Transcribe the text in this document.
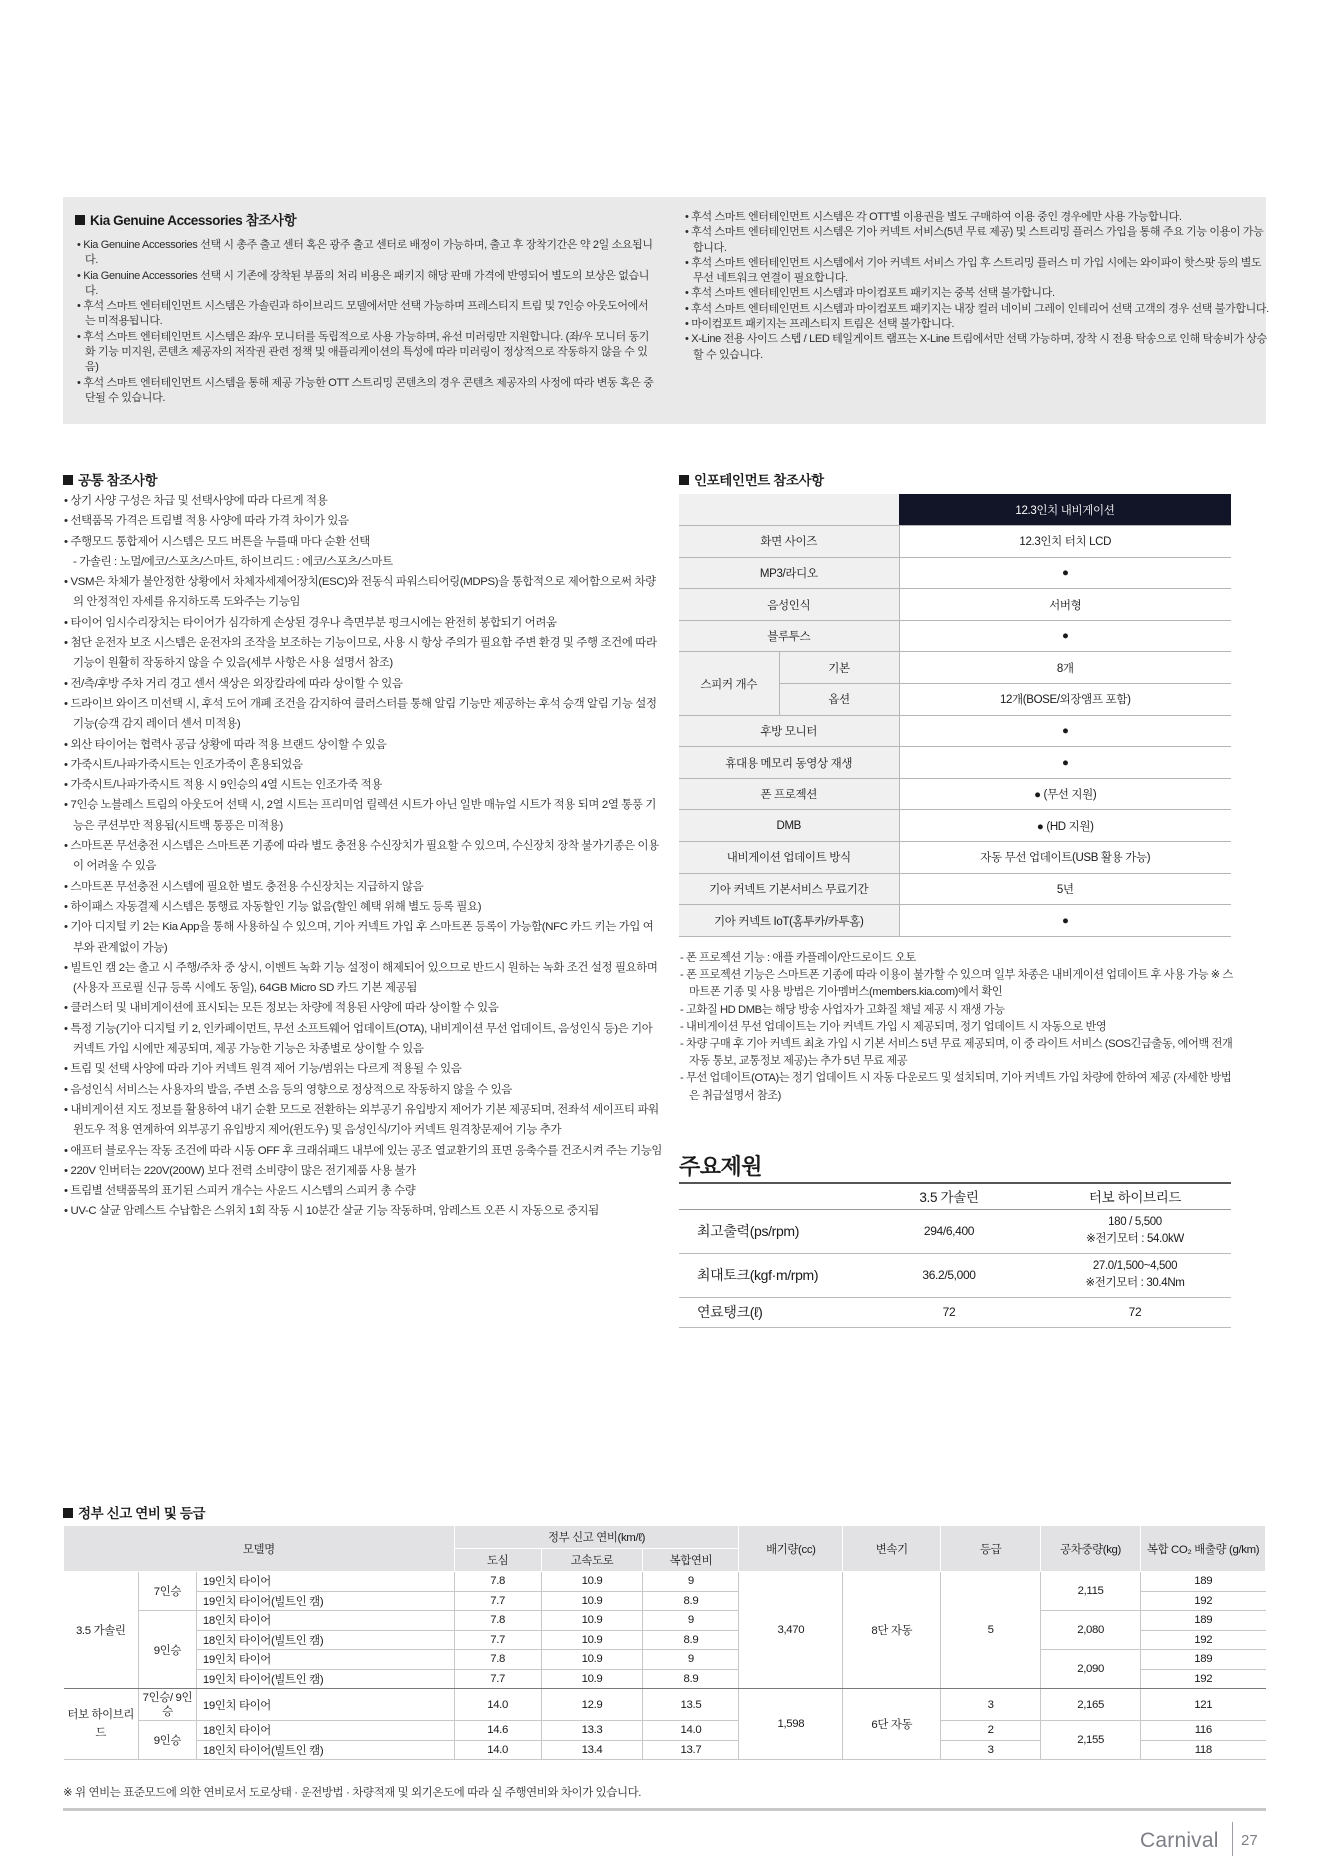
Kia Genuine Accessories 참조사항
• Kia Genuine Accessories 선택 시 총주 출고 센터 혹은 광주 출고 센터로 배정이 가능하며, 출고 후 장착기간은 약 2일 소요됩니다.
• Kia Genuine Accessories 선택 시 기존에 장착된 부품의 처리 비용은 패키지 해당 판매 가격에 반영되어 별도의 보상은 없습니다.
• 후석 스마트 엔터테인먼트 시스템은 가솔린과 하이브리드 모델에서만 선택 가능하며 프레스티지 트림 및 7인승 아웃도어에서는 미적용됩니다.
• 후석 스마트 엔터테인먼트 시스템은 좌/우 모니터를 독립적으로 사용 가능하며, 유선 미러링만 지원합니다. (좌/우 모니터 동기화 기능 미지원, 콘텐츠 제공자의 저작권 관련 정책 및 애플리케이션의 특성에 따라 미러링이 정상적으로 작동하지 않을 수 있음)
• 후석 스마트 엔터테인먼트 시스템을 통해 제공 가능한 OTT 스트리밍 콘텐츠의 경우 콘텐츠 제공자의 사정에 따라 변동 혹은 중단될 수 있습니다.
• 후석 스마트 엔터테인먼트 시스템은 각 OTT별 이용권을 별도 구매하여 이용 중인 경우에만 사용 가능합니다.
• 후석 스마트 엔터테인먼트 시스템은 기아 커넥트 서비스(5년 무료 제공) 및 스트리밍 플러스 가입을 통해 주요 기능 이용이 가능합니다.
• 후석 스마트 엔터테인먼트 시스템에서 기아 커넥트 서비스 가입 후 스트리밍 플러스 미 가입 시에는 와이파이 핫스팟 등의 별도 무선 네트워크 연결이 필요합니다.
• 후석 스마트 엔터테인먼트 시스템과 마이컴포트 패키지는 중복 선택 불가합니다.
• 후석 스마트 엔터테인먼트 시스템과 마이컴포트 패키지는 내장 컬러 네이비 그레이 인테리어 선택 고객의 경우 선택 불가합니다.
• 마이컴포트 패키지는 프레스티지 트림은 선택 불가합니다.
• X-Line 전용 사이드 스텝 / LED 테일게이트 램프는 X-Line 트림에서만 선택 가능하며, 장착 시 전용 탁송으로 인해 탁송비가 상승할 수 있습니다.
공통 참조사항
• 상기 사양 구성은 차급 및 선택사양에 따라 다르게 적용
• 선택품목 가격은 트림별 적용 사양에 따라 가격 차이가 있음
• 주행모드 통합제어 시스템은 모드 버튼을 누를때 마다 순환 선택
- 가솔린 : 노멀/에코/스포츠/스마트, 하이브리드 : 에코/스포츠/스마트
• VSM은 차체가 불안정한 상황에서 차체자세제어장치(ESC)와 전동식 파워스티어링(MDPS)을 통합적으로 제어함으로써 차량의 안정적인 자세를 유지하도록 도와주는 기능임
• 타이어 임시수리장치는 타이어가 심각하게 손상된 경우나 측면부분 펑크시에는 완전히 봉합되기 어려움
• 첨단 운전자 보조 시스템은 운전자의 조작을 보조하는 기능이므로, 사용 시 항상 주의가 필요함 주변 환경 및 주행 조건에 따라 기능이 원활히 작동하지 않을 수 있음(세부 사항은 사용 설명서 참조)
• 전/측/후방 주차 거리 경고 센서 색상은 외장칼라에 따라 상이할 수 있음
• 드라이브 와이즈 미선택 시, 후석 도어 개폐 조건을 감지하여 클러스터를 통해 알림 기능만 제공하는 후석 승객 알림 기능 설정 기능(승객 감지 레이더 센서 미적용)
• 외산 타이어는 협력사 공급 상황에 따라 적용 브랜드 상이할 수 있음
• 가죽시트/나파가죽시트는 인조가죽이 혼용되었음
• 가죽시트/나파가죽시트 적용 시 9인승의 4열 시트는 인조가죽 적용
• 7인승 노블레스 트림의 아웃도어 선택 시, 2열 시트는 프리미엄 릴렉션 시트가 아닌 일반 매뉴얼 시트가 적용 되며 2열 통풍 기능은 쿠션부만 적용됨(시트백 통풍은 미적용)
• 스마트폰 무선충전 시스템은 스마트폰 기종에 따라 별도 충전용 수신장치가 필요할 수 있으며, 수신장치 장착 불가기종은 이용이 어려울 수 있음
• 스마트폰 무선충전 시스템에 필요한 별도 충전용 수신장치는 지급하지 않음
• 하이패스 자동결제 시스템은 통행료 자동할인 기능 없음(할인 혜택 위해 별도 등록 필요)
• 기아 디지털 키 2는 Kia App을 통해 사용하실 수 있으며, 기아 커넥트 가입 후 스마트폰 등록이 가능함(NFC 카드 키는 가입 여부와 관계없이 가능)
• 빌트인 캠 2는 출고 시 주행/주차 중 상시, 이벤트 녹화 기능 설정이 해제되어 있으므로 반드시 원하는 녹화 조건 설정 필요하며(사용자 프로필 신규 등록 시에도 동일), 64GB Micro SD 카드 기본 제공됨
• 클러스터 및 내비게이션에 표시되는 모든 정보는 차량에 적용된 사양에 따라 상이할 수 있음
• 특정 기능(기아 디지털 키 2, 인카페이먼트, 무선 소프트웨어 업데이트(OTA), 내비게이션 무선 업데이트, 음성인식 등)은 기아 커넥트 가입 시에만 제공되며, 제공 가능한 기능은 차종별로 상이할 수 있음
• 트림 및 선택 사양에 따라 기아 커넥트 원격 제어 기능/범위는 다르게 적용될 수 있음
• 음성인식 서비스는 사용자의 발음, 주변 소음 등의 영향으로 정상적으로 작동하지 않을 수 있음
• 내비게이션 지도 정보를 활용하여 내기 순환 모드로 전환하는 외부공기 유입방지 제어가 기본 제공되며, 전좌석 세이프티 파워윈도우 적용 연계하여 외부공기 유입방지 제어(윈도우) 및 음성인식/기아 커넥트 원격창문제어 기능 추가
• 애프터 블로우는 작동 조건에 따라 시동 OFF 후 크래쉬패드 내부에 있는 공조 열교환기의 표면 응축수를 건조시켜 주는 기능임
• 220V 인버터는 220V(200W) 보다 전력 소비량이 많은 전기제품 사용 불가
• 트림별 선택품목의 표기된 스피커 개수는 사운드 시스템의 스피커 총 수량
• UV-C 살균 암레스트 수납함은 스위치 1회 작동 시 10분간 살균 기능 작동하며, 암레스트 오픈 시 자동으로 중지됨
인포테인먼트 참조사항
		12.3인치 내비게이션
화면 사이즈		12.3인치 터치 LCD
MP3/라디오		●
음성인식		서버형
블루투스		●
스피커 개수	기본	8개
	옵션	12개(BOSE/외장앰프 포함)
후방 모니터		●
휴대용 메모리 동영상 재생		●
폰 프로젝션		● (무선 지원)
DMB		● (HD 지원)
내비게이션 업데이트 방식		자동 무선 업데이트(USB 활용 가능)
기아 커넥트 기본서비스 무료기간		5년
기아 커넥트 IoT(홈투카/카투홈)		●
- 폰 프로젝션 기능 : 애플 카플레이/안드로이드 오토
- 폰 프로젝션 기능은 스마트폰 기종에 따라 이용이 불가할 수 있으며 일부 차종은 내비게이션 업데이트 후 사용 가능 ※ 스마트폰 기종 및 사용 방법은 기아멤버스(members.kia.com)에서 확인
- 고화질 HD DMB는 해당 방송 사업자가 고화질 채널 제공 시 재생 가능
- 내비게이션 무선 업데이트는 기아 커넥트 가입 시 제공되며, 정기 업데이트 시 자동으로 반영
- 차량 구매 후 기아 커넥트 최초 가입 시 기본 서비스 5년 무료 제공되며, 이 중 라이트 서비스 (SOS긴급출동, 에어백 전개 자동 통보, 교통정보 제공)는 추가 5년 무료 제공
- 무선 업데이트(OTA)는 정기 업데이트 시 자동 다운로드 및 설치되며, 기아 커넥트 가입 차량에 한하여 제공 (자세한 방법은 취급설명서 참조)
주요제원
	3.5 가솔린	터보 하이브리드
최고출력(ps/rpm)	294/6,400	180 / 5,500
※전기모터 : 54.0kW

최대토크(kgf·m/rpm)	36.2/5,000	27.0/1,500~4,500
※전기모터 : 30.4Nm

연료탱크(ℓ)	72	72
정부 신고 연비 및 등급
모델명			정부 신고 연비(km/ℓ)			배기량(cc)	변속기	등급	공차중량(kg)	복합 CO₂ 배출량 (g/km)
			도심	고속도로	복합연비					
3.5 가솔린	7인승	19인치 타이어	7.8	10.9	9	3,470	8단 자동	5	2,115	189
		19인치 타이어(빌트인 캠)	7.7	10.9	8.9					192
	9인승	18인치 타이어	7.8	10.9	9				2,080	189
		18인치 타이어(빌트인 캠)	7.7	10.9	8.9					192
		19인치 타이어	7.8	10.9	9				2,090	189
		19인치 타이어(빌트인 캠)	7.7	10.9	8.9					192
터보 하이브리드	7인승/ 9인승	19인치 타이어	14.0	12.9	13.5	1,598	6단 자동	3	2,165	121
	9인승	18인치 타이어	14.6	13.3	14.0			2	2,155	116
		18인치 타이어(빌트인 캠)	14.0	13.4	13.7			3		118
※ 위 연비는 표준모드에 의한 연비로서 도로상태 · 운전방법 · 차량적재 및 외기온도에 따라 실 주행연비와 차이가 있습니다.
Carnival 27
